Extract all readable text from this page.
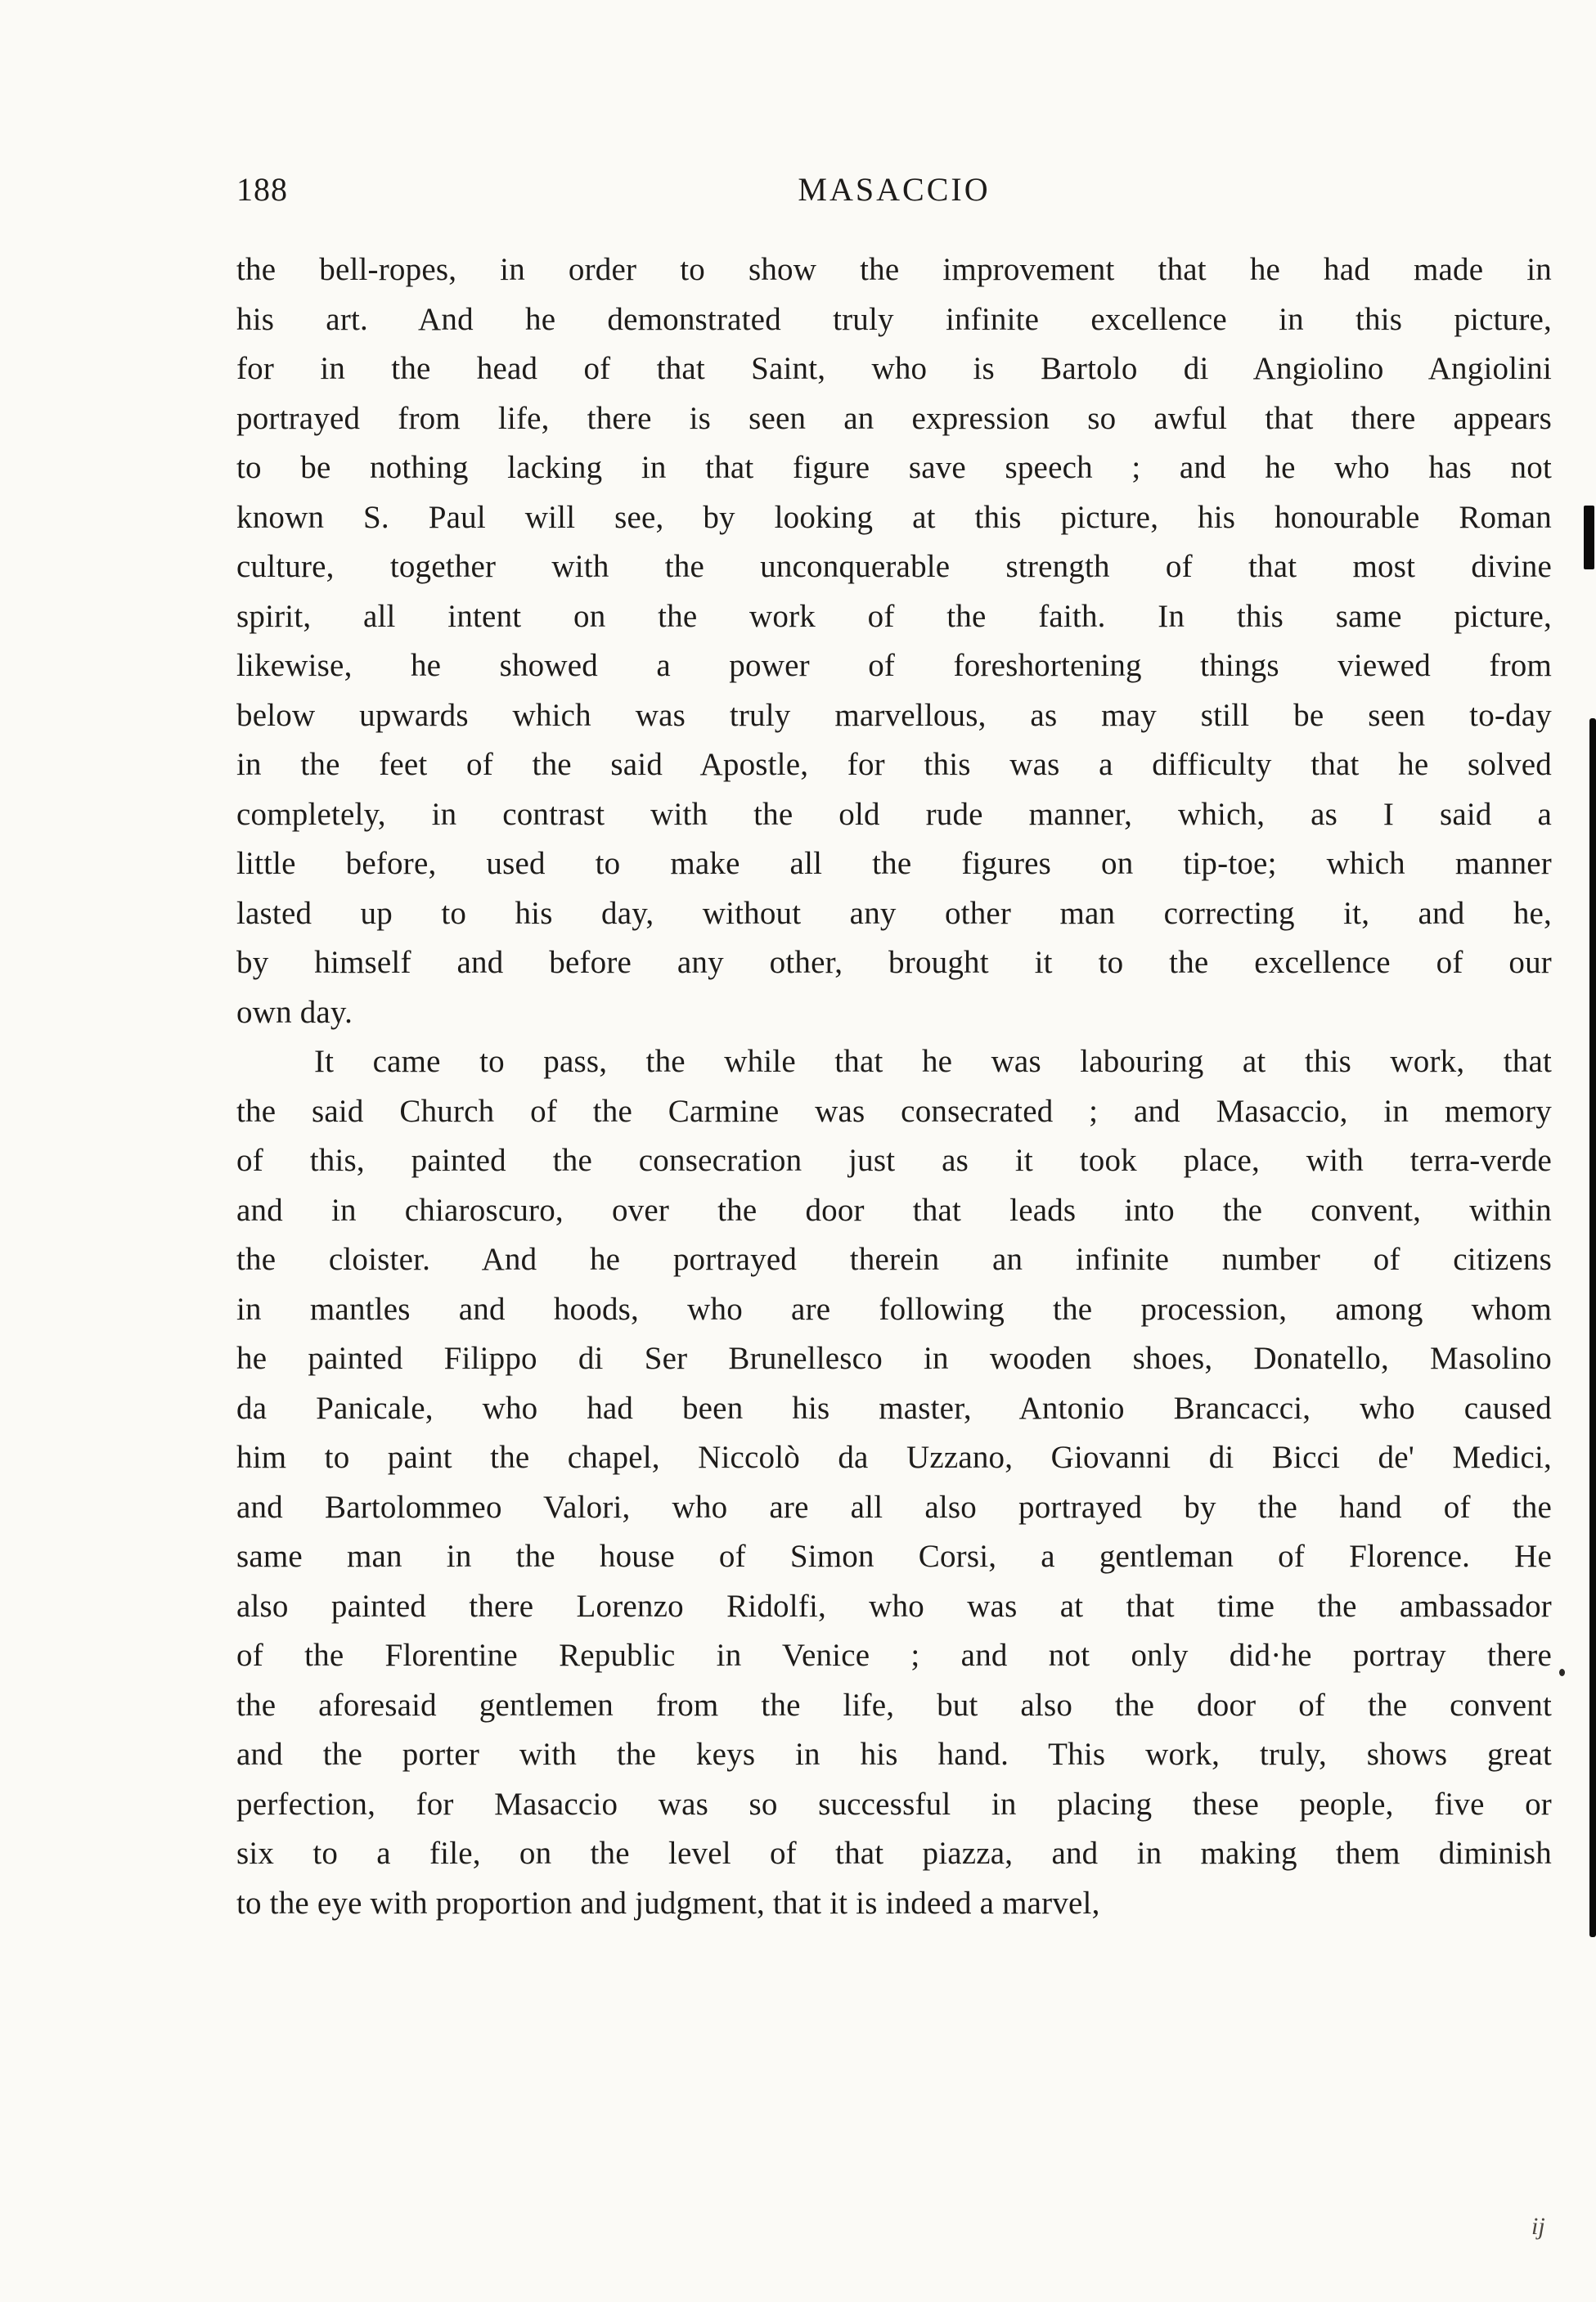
188	MASACCIO
the bell-ropes, in order to show the improvement that he had made in
his art. And he demonstrated truly infinite excellence in this picture,
for in the head of that Saint, who is Bartolo di Angiolino Angiolini
portrayed from life, there is seen an expression so awful that there appears
to be nothing lacking in that figure save speech ; and he who has not
known S. Paul will see, by looking at this picture, his honourable Roman
culture, together with the unconquerable strength of that most divine
spirit, all intent on the work of the faith. In this same picture,
likewise, he showed a power of foreshortening things viewed from
below upwards which was truly marvellous, as may still be seen to-day
in the feet of the said Apostle, for this was a difficulty that he solved
completely, in contrast with the old rude manner, which, as I said a
little before, used to make all the figures on tip-toe; which manner
lasted up to his day, without any other man correcting it, and he,
by himself and before any other, brought it to the excellence of our
own day.
It came to pass, the while that he was labouring at this work, that
the said Church of the Carmine was consecrated ; and Masaccio, in memory
of this, painted the consecration just as it took place, with terra-verde
and in chiaroscuro, over the door that leads into the convent, within
the cloister. And he portrayed therein an infinite number of citizens
in mantles and hoods, who are following the procession, among whom
he painted Filippo di Ser Brunellesco in wooden shoes, Donatello, Masolino
da Panicale, who had been his master, Antonio Brancacci, who caused
him to paint the chapel, Niccolò da Uzzano, Giovanni di Bicci de' Medici,
and Bartolommeo Valori, who are all also portrayed by the hand of the
same man in the house of Simon Corsi, a gentleman of Florence. He
also painted there Lorenzo Ridolfi, who was at that time the ambassador
of the Florentine Republic in Venice ; and not only did·he portray there
the aforesaid gentlemen from the life, but also the door of the convent
and the porter with the keys in his hand. This work, truly, shows great
perfection, for Masaccio was so successful in placing these people, five or
six to a file, on the level of that piazza, and in making them diminish
to the eye with proportion and judgment, that it is indeed a marvel,
ij
